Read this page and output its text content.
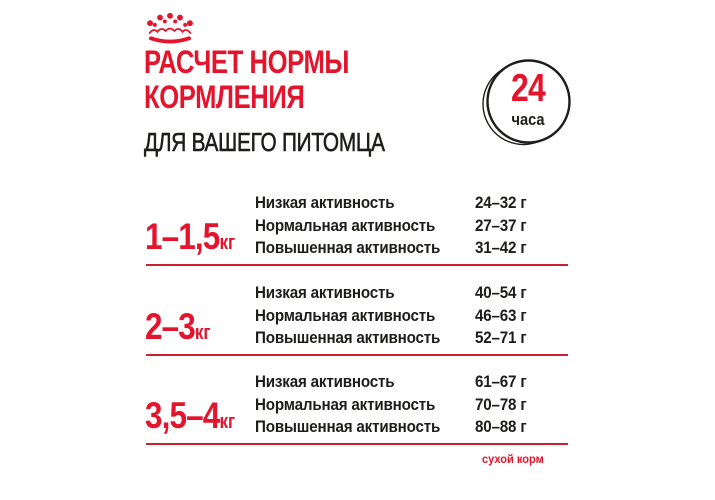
РАСЧЕТ НОРМЫ
КОРМЛЕНИЯ
ДЛЯ ВАШЕГО ПИТОМЦА
24
часа
1–1,5кг
Низкая активность	24–32 г
Нормальная активность 27–37 г
Повышенная активность 31–42 г
2–3кг
Низкая активность	40–54 г
Нормальная активность 46–63 г
Повышенная активность 52–71 г
3,5–4кг
Низкая активность	61–67 г
Нормальная активность 70–78 г
Повышенная активность 80–88 г
сухой корм
